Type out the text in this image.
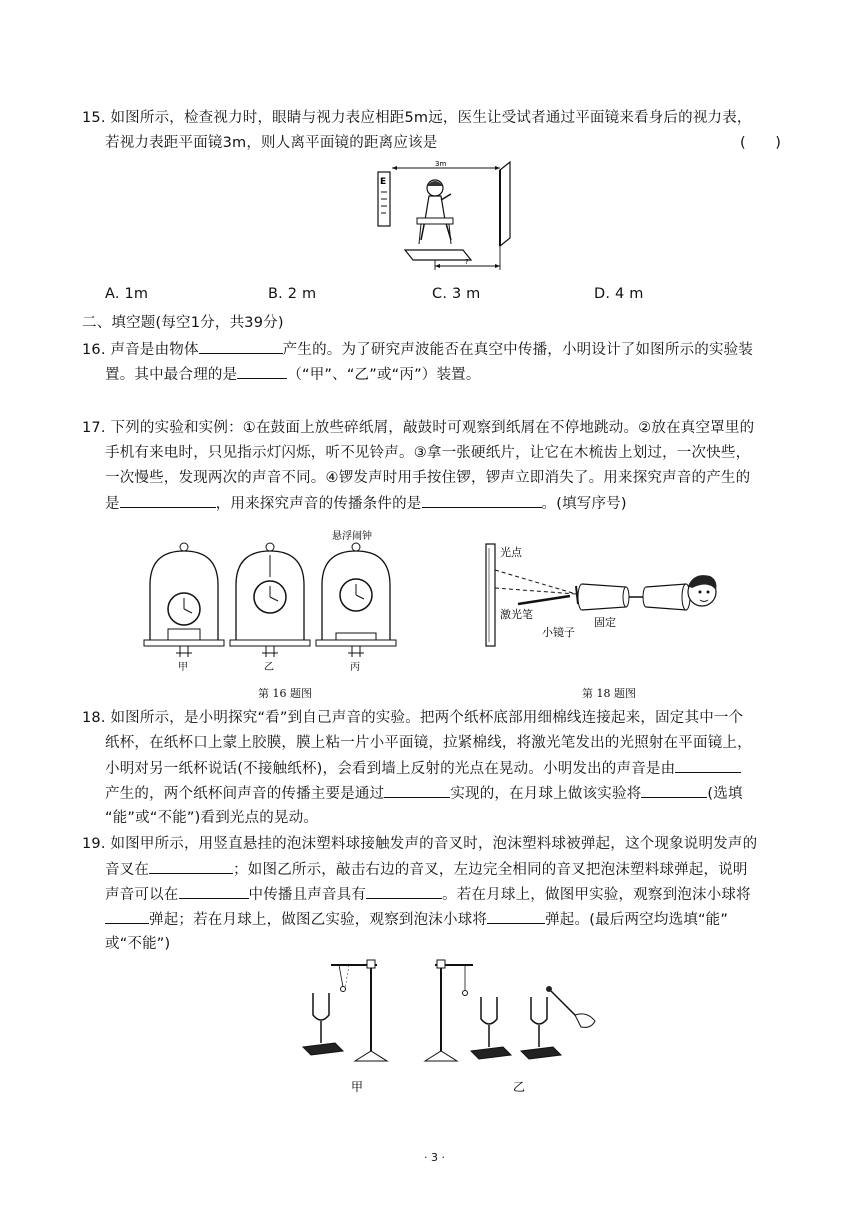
15. 如图所示，检查视力时，眼睛与视力表应相距5m远，医生让受试者通过平面镜来看身后的视力表，
若视力表距平面镜3m，则人离平面镜的距离应该是	(　　)
E
3m
?
A. 1m	B. 2 m	C. 3 m	D. 4 m
二、填空题(每空1分，共39分)
16. 声音是由物体	产生的。为了研究声波能否在真空中传播，小明设计了如图所示的实验装
置。其中最合理的是	（“甲”、“乙”或“丙”）装置。
17. 下列的实验和实例：①在鼓面上放些碎纸屑，敲鼓时可观察到纸屑在不停地跳动。②放在真空罩里的
手机有来电时，只见指示灯闪烁，听不见铃声。③拿一张硬纸片，让它在木梳齿上划过，一次快些，
一次慢些，发现两次的声音不同。④锣发声时用手按住锣，锣声立即消失了。用来探究声音的产生的
是	，用来探究声音的传播条件的是	。(填写序号)
悬浮闹钟
甲	乙	丙
第 16 题图
光点
激光笔
小镜子
固定
第 18 题图
18. 如图所示，是小明探究“看”到自己声音的实验。把两个纸杯底部用细棉线连接起来，固定其中一个
纸杯，在纸杯口上蒙上胶膜，膜上粘一片小平面镜，拉紧棉线，将激光笔发出的光照射在平面镜上，
小明对另一纸杯说话(不接触纸杯)，会看到墙上反射的光点在晃动。小明发出的声音是由
产生的，两个纸杯间声音的传播主要是通过	实现的，在月球上做该实验将	(选填
“能”或“不能”)看到光点的晃动。
19. 如图甲所示，用竖直悬挂的泡沫塑料球接触发声的音叉时，泡沫塑料球被弹起，这个现象说明发声的
音叉在	；如图乙所示，敲击右边的音叉，左边完全相同的音叉把泡沫塑料球弹起，说明
声音可以在	中传播且声音具有	。若在月球上，做图甲实验，观察到泡沫小球将
弹起；若在月球上，做图乙实验，观察到泡沫小球将	弹起。(最后两空均选填“能”
或“不能”)
甲	乙
· 3 ·
